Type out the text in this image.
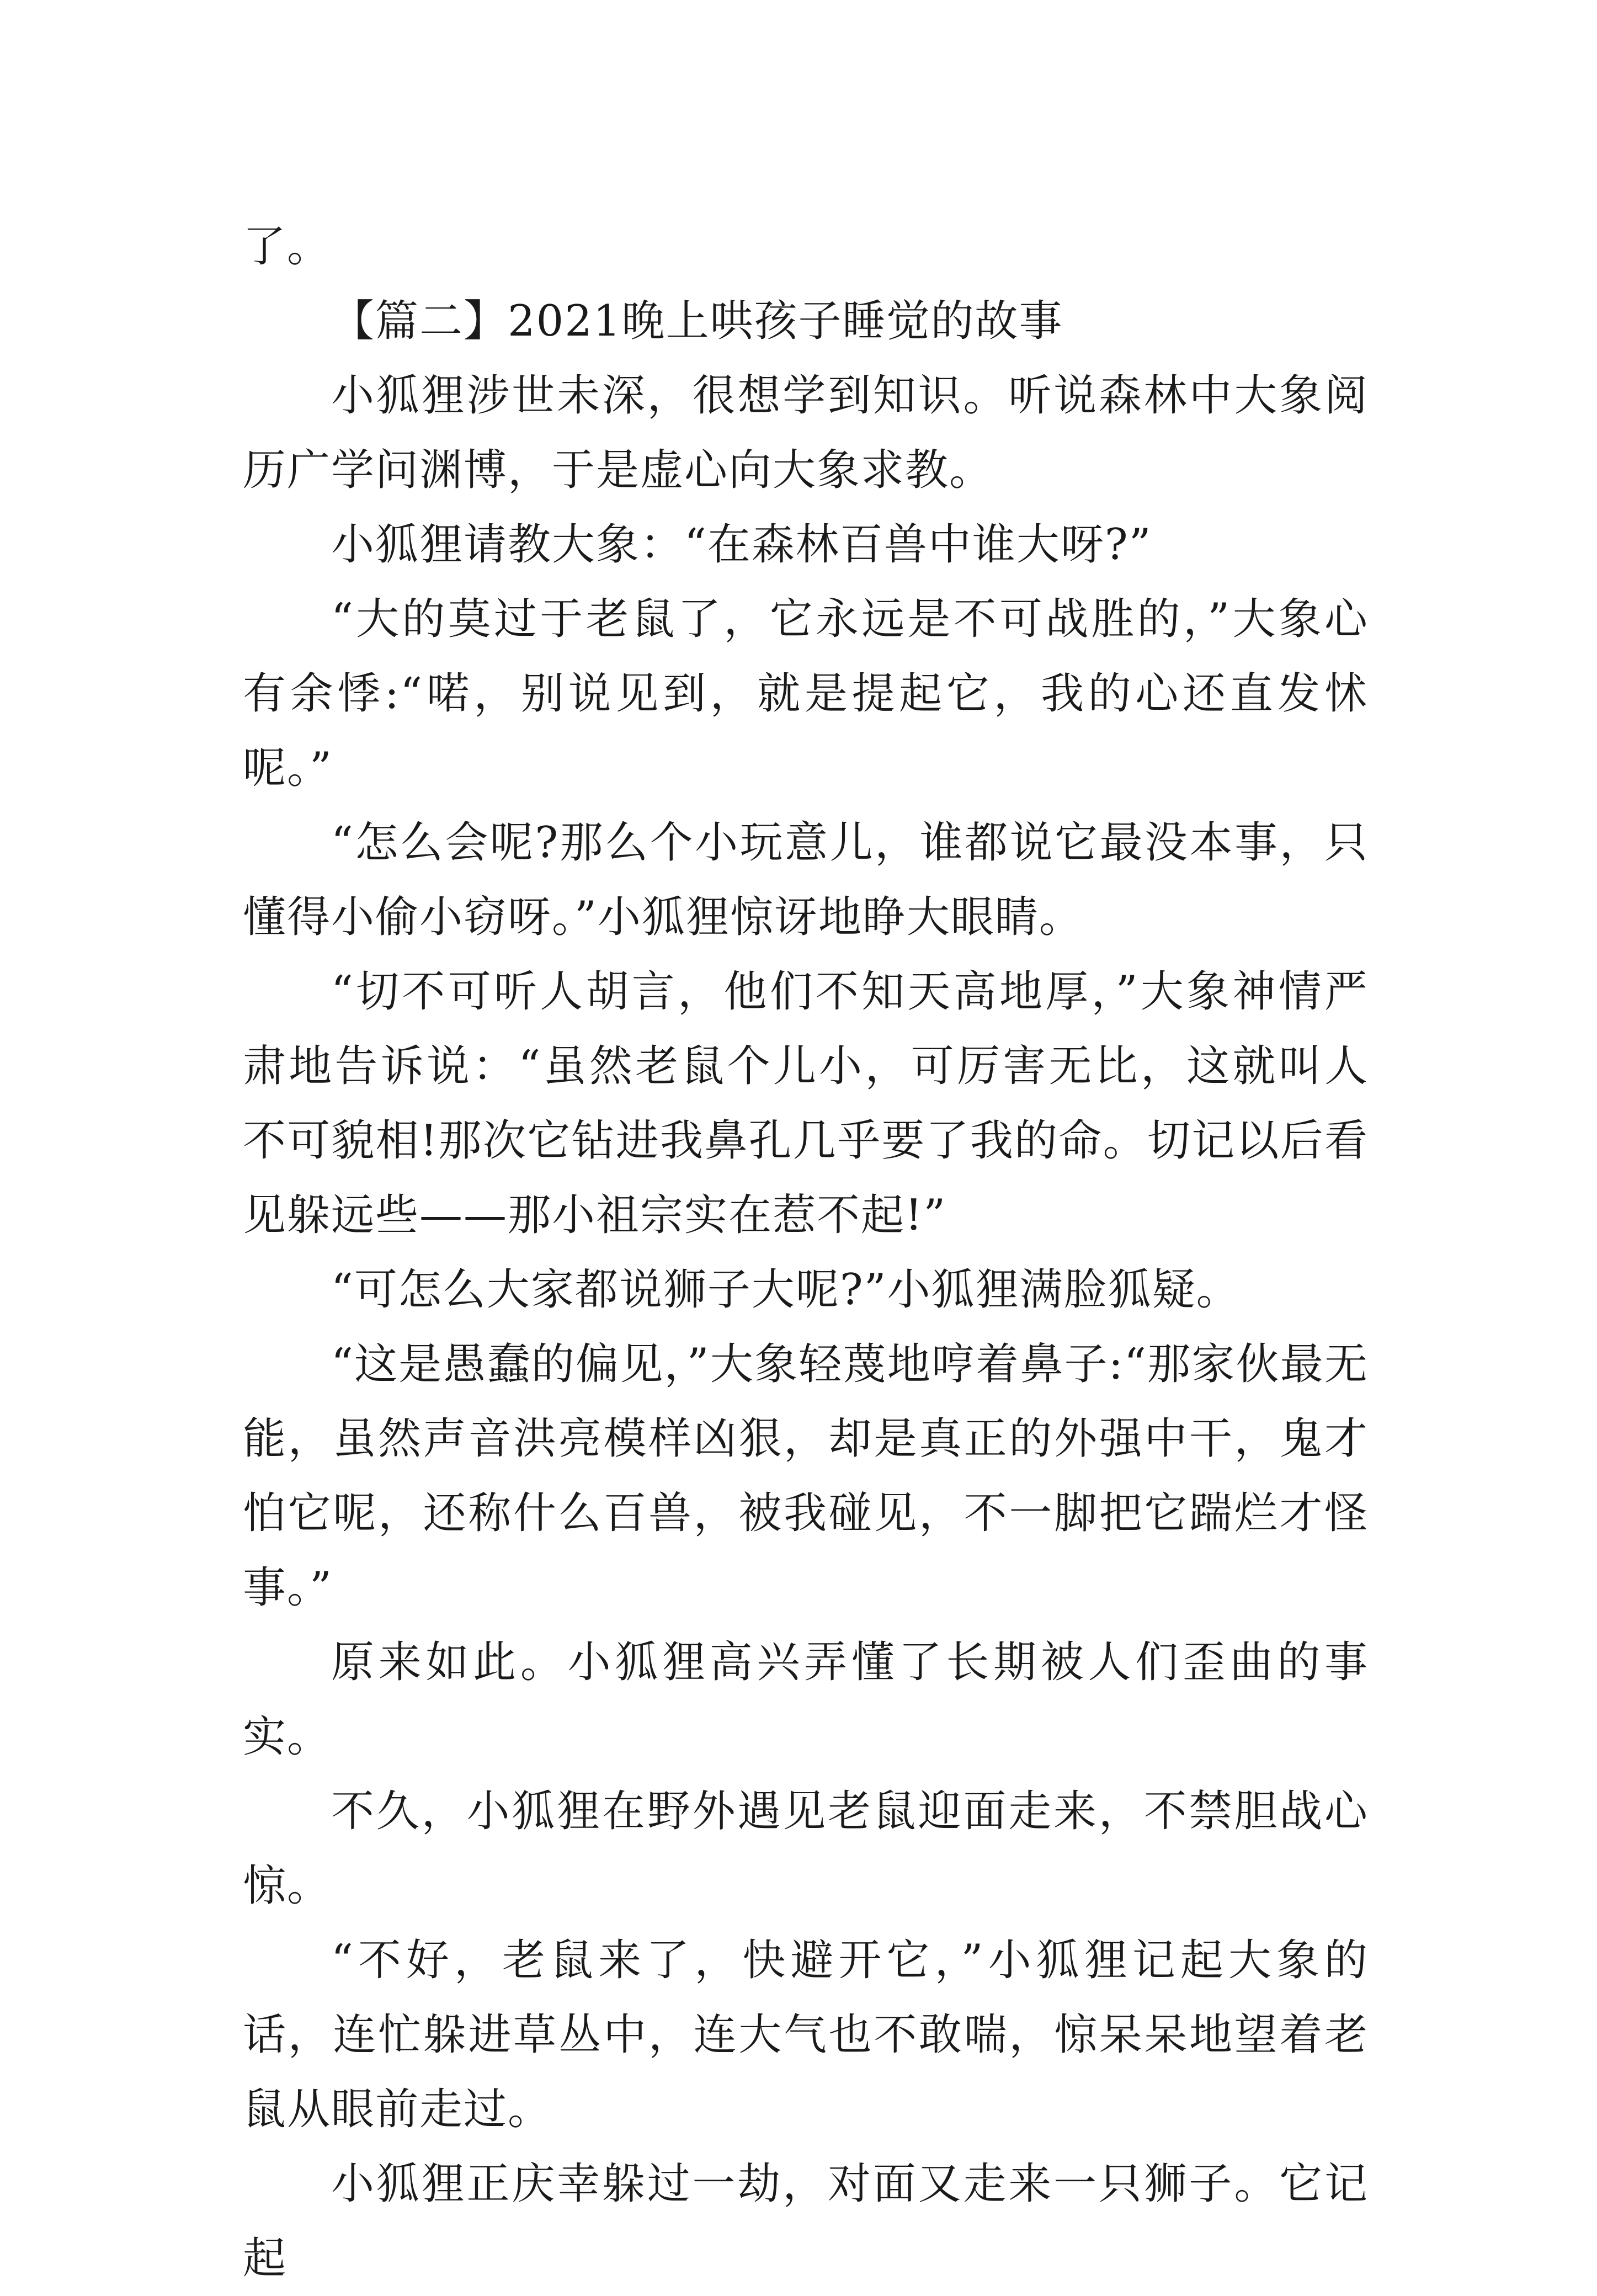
了。

【篇二】2021晚上哄孩子睡觉的故事

小狐狸涉世未深，很想学到知识。听说森林中大象阅历广学问渊博，于是虚心向大象求教。

小狐狸请教大象：“在森林百兽中谁大呀?”

“大的莫过于老鼠了，它永远是不可战胜的，”大象心有余悸:“喏，别说见到，就是提起它，我的心还直发怵呢。”

“怎么会呢?那么个小玩意儿，谁都说它最没本事，只懂得小偷小窃呀。”小狐狸惊讶地睁大眼睛。

“切不可听人胡言，他们不知天高地厚，”大象神情严肃地告诉说：“虽然老鼠个儿小，可厉害无比，这就叫人不可貌相!那次它钻进我鼻孔几乎要了我的命。切记以后看见躲远些——那小祖宗实在惹不起!”

“可怎么大家都说狮子大呢?”小狐狸满脸狐疑。

“这是愚蠢的偏见，”大象轻蔑地哼着鼻子:“那家伙最无能，虽然声音洪亮模样凶狠，却是真正的外强中干，鬼才怕它呢，还称什么百兽，被我碰见，不一脚把它踹烂才怪事。”

原来如此。小狐狸高兴弄懂了长期被人们歪曲的事实。

不久，小狐狸在野外遇见老鼠迎面走来，不禁胆战心惊。

“不好，老鼠来了，快避开它，”小狐狸记起大象的话，连忙躲进草丛中，连大气也不敢喘，惊呆呆地望着老鼠从眼前走过。

小狐狸正庆幸躲过一劫，对面又走来一只狮子。它记起
